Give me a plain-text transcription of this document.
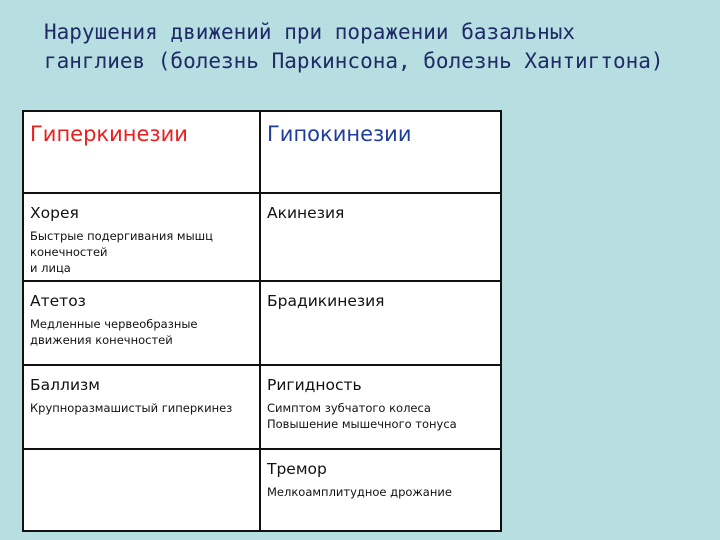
Нарушения движений при поражении базальных
ганглиев (болезнь Паркинсона, болезнь Хантигтона)
Гиперкинезии	Гипокинезии

Хорея
Быстрые подергивания мышц
конечностей
и лица	Акинезия

Атетоз
Медленные червеобразные
движения конечностей	Брадикинезия

Баллизм
Крупноразмашистый гиперкинез	Ригидность
Симптом зубчатого колеса
Повышение мышечного тонуса

	Тремор
Мелкоамплитудное дрожание
